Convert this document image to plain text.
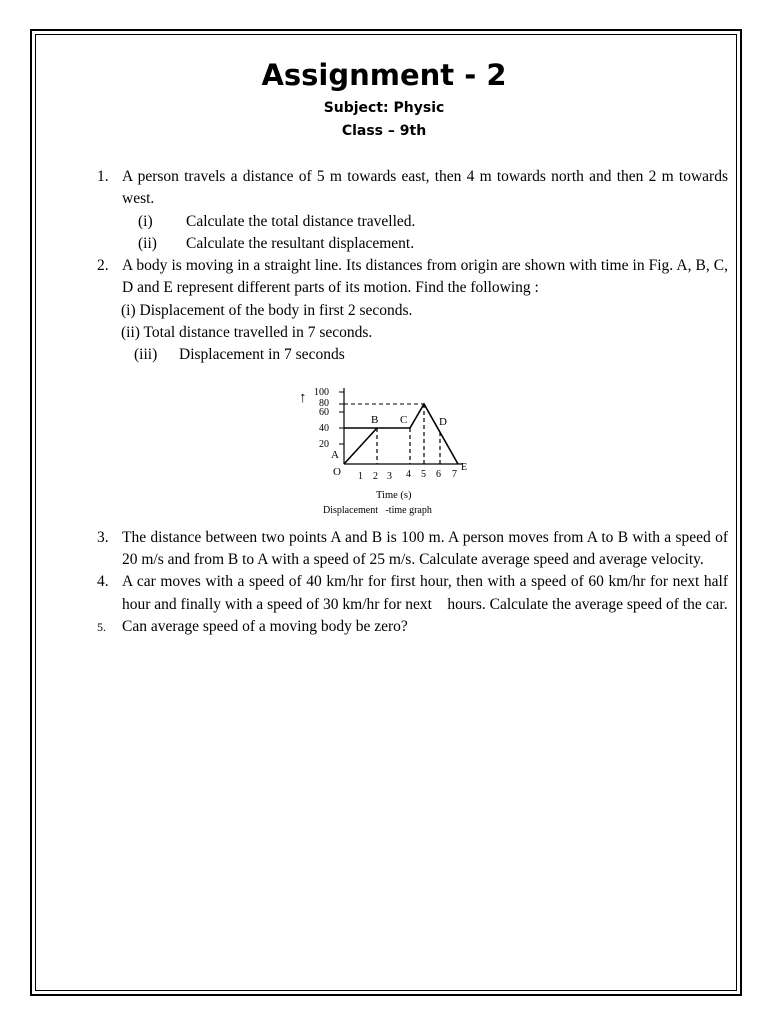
Assignment - 2
Subject: Physic
Class – 9th
1. A person travels a distance of 5 m towards east, then 4 m towards north and then 2 m towards west.
(i) Calculate the total distance travelled.
(ii) Calculate the resultant displacement.
2. A body is moving in a straight line. Its distances from origin are shown with time in Fig. A, B, C, D and E represent different parts of its motion. Find the following :
(i) Displacement of the body in first 2 seconds.
(ii) Total distance travelled in 7 seconds.
(iii) Displacement in 7 seconds
3. The distance between two points A and B is 100 m. A person moves from A to B with a speed of 20 m/s and from B to A with a speed of 25 m/s. Calculate average speed and average velocity.
4. A car moves with a speed of 40 km/hr for first hour, then with a speed of 60 km/hr for next half hour and finally with a speed of 30 km/hr for next    hours. Calculate the average speed of the car.
5. Can average speed of a moving body be zero?
↑ 100
80
60
40
20
A
B C	D
E
O 1 2 3 4 5 6 7
Time (s)
Displacement   -time graph
